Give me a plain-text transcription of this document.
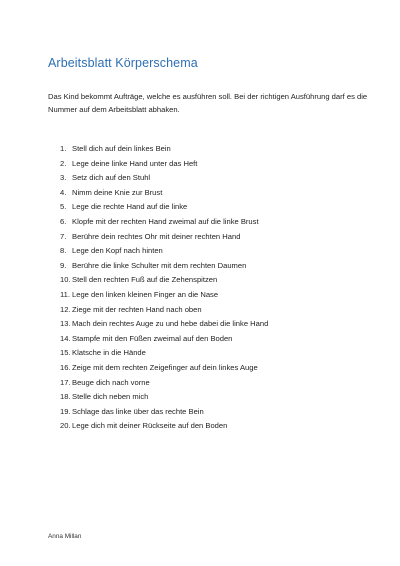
Arbeitsblatt Körperschema
Das Kind bekommt Aufträge, welche es ausführen soll. Bei der richtigen Ausführung darf es die Nummer auf dem Arbeitsblatt abhaken.
1. Stell dich auf dein linkes Bein
2. Lege deine linke Hand unter das Heft
3. Setz dich auf den Stuhl
4. Nimm deine Knie zur Brust
5. Lege die rechte Hand auf die linke
6. Klopfe mit der rechten Hand zweimal auf die linke Brust
7. Berühre dein rechtes Ohr mit deiner rechten Hand
8. Lege den Kopf nach hinten
9. Berühre die linke Schulter mit dem rechten Daumen
10. Stell den rechten Fuß auf die Zehenspitzen
11. Lege den linken kleinen Finger an die Nase
12. Ziege mit der rechten Hand nach oben
13. Mach dein rechtes Auge zu und hebe dabei die linke Hand
14. Stampfe mit den Füßen zweimal auf den Boden
15. Klatsche in die Hände
16. Zeige mit dem rechten Zeigefinger auf dein linkes Auge
17. Beuge dich nach vorne
18. Stelle dich neben mich
19. Schlage das linke über das rechte Bein
20. Lege dich mit deiner Rückseite auf den Boden
Anna Millan
